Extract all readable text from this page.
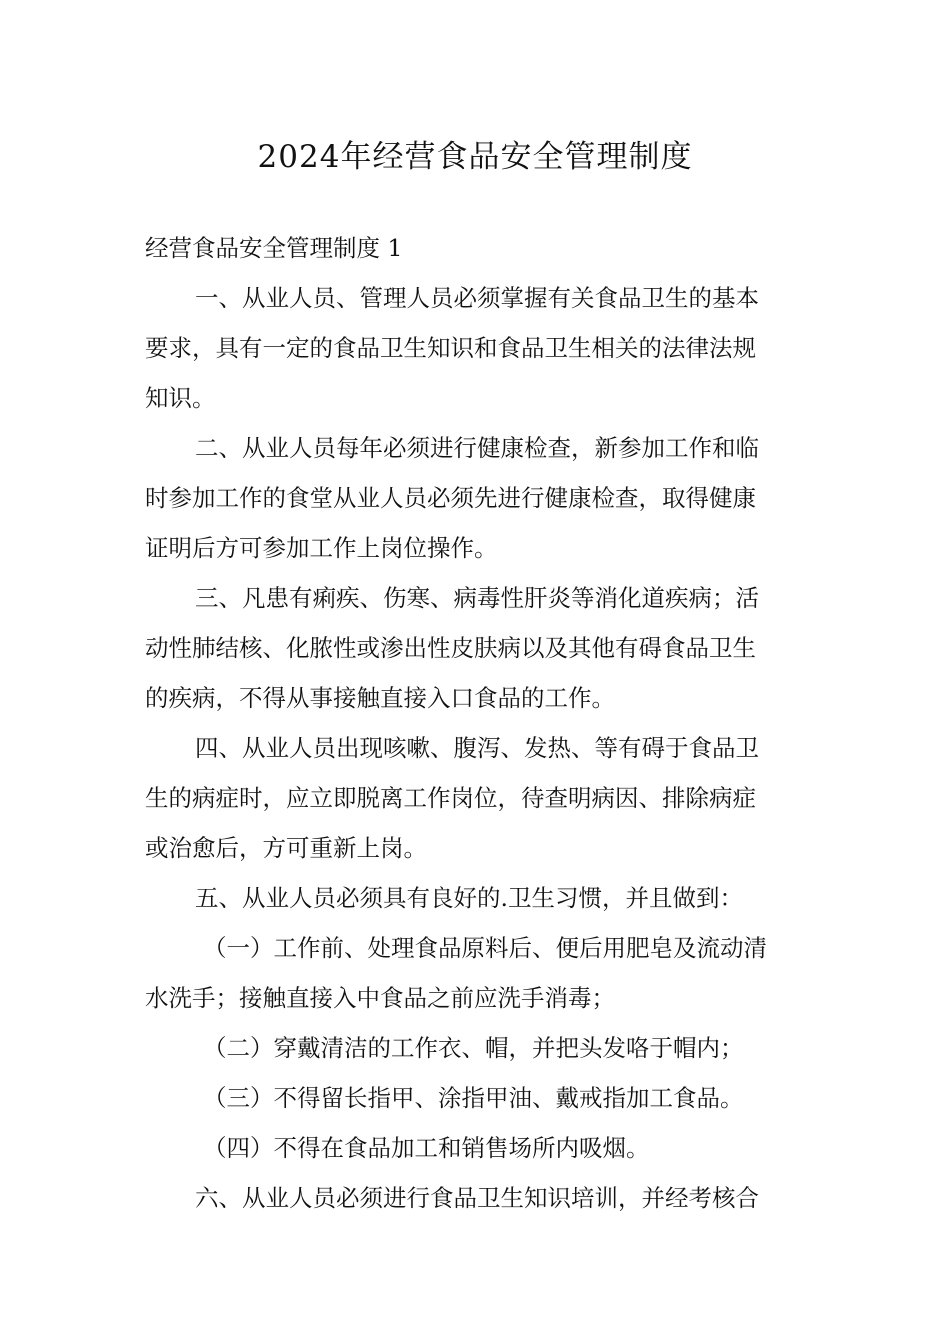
2024年经营食品安全管理制度
经营食品安全管理制度 1
一、从业人员、管理人员必须掌握有关食品卫生的基本
要求，具有一定的食品卫生知识和食品卫生相关的法律法规
知识。
二、从业人员每年必须进行健康检查，新参加工作和临
时参加工作的食堂从业人员必须先进行健康检查，取得健康
证明后方可参加工作上岗位操作。
三、凡患有痢疾、伤寒、病毒性肝炎等消化道疾病；活
动性肺结核、化脓性或渗出性皮肤病以及其他有碍食品卫生
的疾病，不得从事接触直接入口食品的工作。
四、从业人员出现咳嗽、腹泻、发热、等有碍于食品卫
生的病症时，应立即脱离工作岗位，待查明病因、排除病症
或治愈后，方可重新上岗。
五、从业人员必须具有良好的.卫生习惯，并且做到：
（一）工作前、处理食品原料后、便后用肥皂及流动清
水洗手；接触直接入中食品之前应洗手消毒；
（二）穿戴清洁的工作衣、帽，并把头发咯于帽内；
（三）不得留长指甲、涂指甲油、戴戒指加工食品。
（四）不得在食品加工和销售场所内吸烟。
六、从业人员必须进行食品卫生知识培训，并经考核合
